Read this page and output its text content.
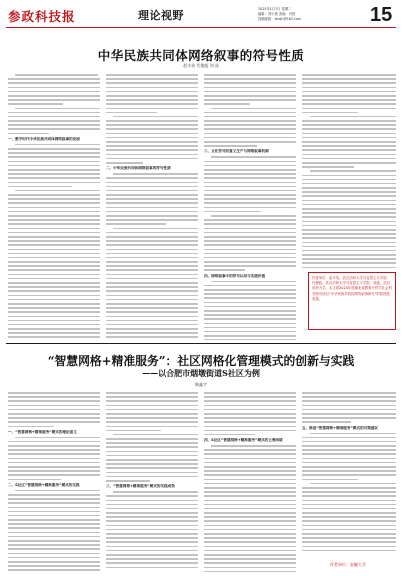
参政科技报	理论视野	2025年1月7日 星期二
编辑：刘小燕 美编：冯波
投稿邮箱：xkbjh@163.com	15
中华民族共同体网络叙事的符号性质
赵丰英 代俊彪 刘 遥
一、数字时代中华民族共同体网络叙事的发展
二、中华民族共同体网络叙事的符号性质
三、文化符号的意义生产与网络叙事机制
四、网络叙事中的符号认同与实践价值
作者单位：赵丰英，武汉纺织大学马克思主义学院；代俊彪，武汉纺织大学马克思主义学院；刘遥，武汉纺织大学。本文系2024年度湖北省教育厅哲学社会科学研究项目“中华民族共同体网络叙事研究”的阶段性成果。
“智慧网格+精准服务”：社区网格化管理模式的创新与实践
——以合肥市烟墩街道S社区为例
韩鑫宇
一、“智慧网格+精准服务”模式的理论意义
二、S社区“智慧网格+精准服务”模式的实践	三、“智慧网格+精准服务”模式的实践成效
四、S社区“智慧网格+精准服务”模式的主要困境
五、推进“智慧网格+精准服务”模式的对策建议
作者单位：安徽大学
